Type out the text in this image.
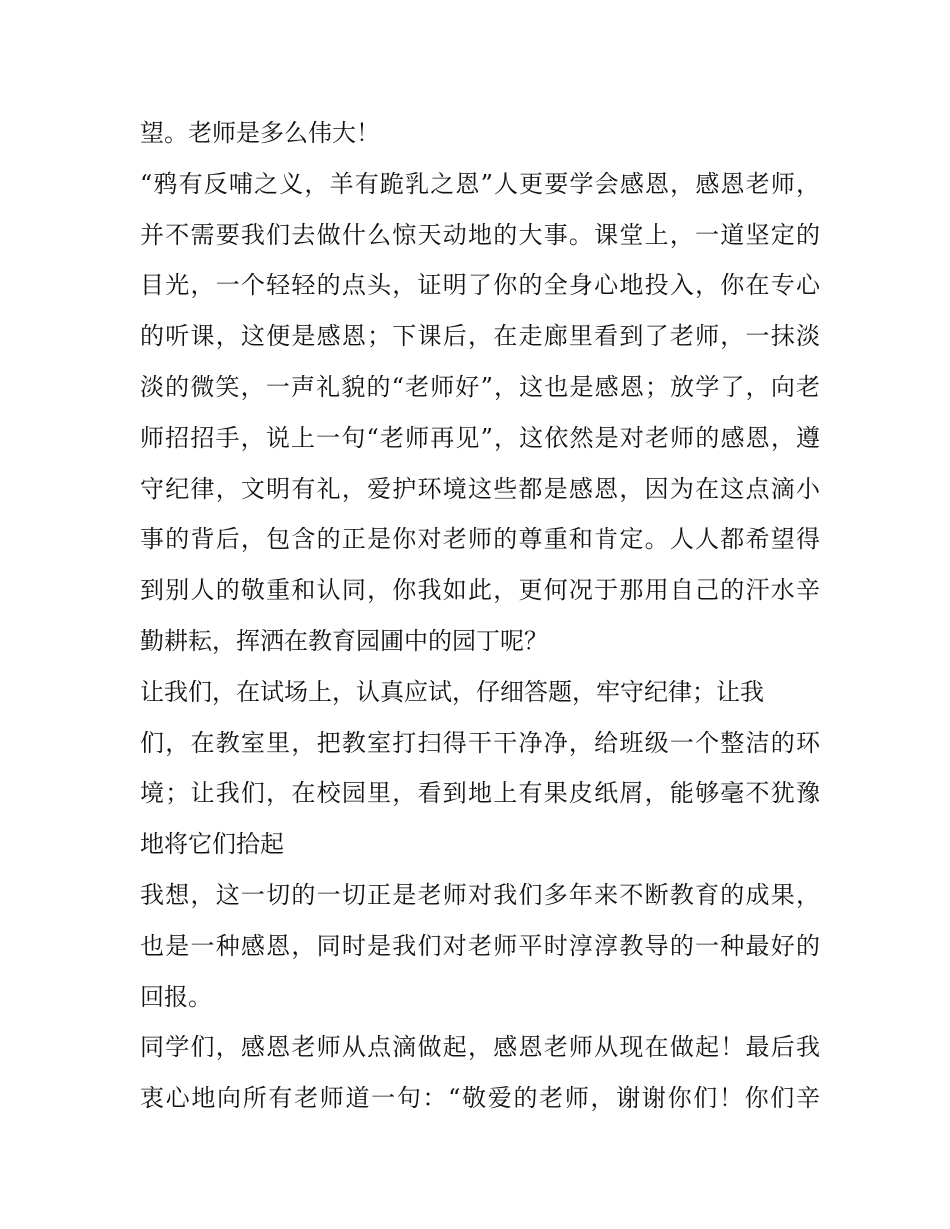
望。老师是多么伟大！
“鸦有反哺之义，羊有跪乳之恩”人更要学会感恩，感恩老师，
并不需要我们去做什么惊天动地的大事。课堂上，一道坚定的
目光，一个轻轻的点头，证明了你的全身心地投入，你在专心
的听课，这便是感恩；下课后，在走廊里看到了老师，一抹淡
淡的微笑，一声礼貌的“老师好”，这也是感恩；放学了，向老
师招招手，说上一句“老师再见”，这依然是对老师的感恩，遵
守纪律，文明有礼，爱护环境这些都是感恩，因为在这点滴小
事的背后，包含的正是你对老师的尊重和肯定。人人都希望得
到别人的敬重和认同，你我如此，更何况于那用自己的汗水辛
勤耕耘，挥洒在教育园圃中的园丁呢？
让我们，在试场上，认真应试，仔细答题，牢守纪律；让我
们，在教室里，把教室打扫得干干净净，给班级一个整洁的环
境；让我们，在校园里，看到地上有果皮纸屑，能够毫不犹豫
地将它们拾起
我想，这一切的一切正是老师对我们多年来不断教育的成果，
也是一种感恩，同时是我们对老师平时淳淳教导的一种最好的
回报。
同学们，感恩老师从点滴做起，感恩老师从现在做起！最后我
衷心地向所有老师道一句：“敬爱的老师，谢谢你们！你们辛
